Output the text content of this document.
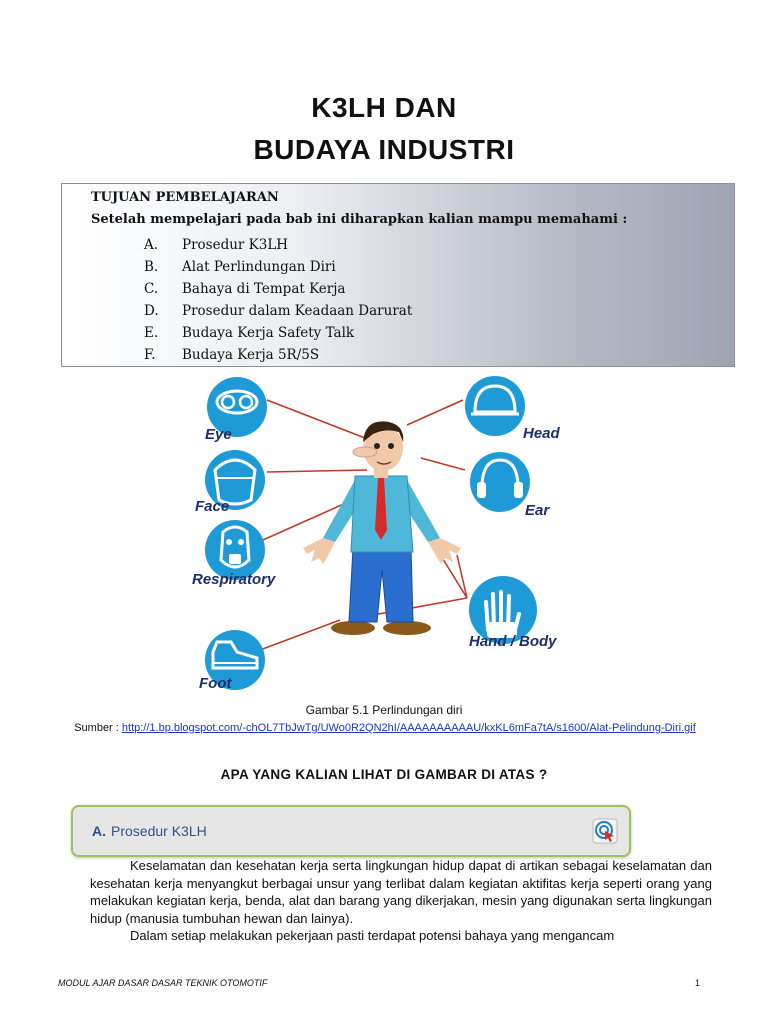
K3LH DAN
BUDAYA INDUSTRI
TUJUAN PEMBELAJARAN
Setelah mempelajari pada bab ini diharapkan kalian mampu memahami :
A. Prosedur K3LH
B. Alat Perlindungan Diri
C. Bahaya di Tempat Kerja
D. Prosedur dalam Keadaan Darurat
E. Budaya Kerja Safety Talk
F. Budaya Kerja 5R/5S
Eye
Face
Respiratory
Foot
Head
Ear
Hand / Body
Gambar 5.1 Perlindungan diri
Sumber : http://1.bp.blogspot.com/-chOL7TbJwTg/UWo0R2QN2hI/AAAAAAAAAAU/kxKL6mFa7tA/s1600/Alat-Pelindung-Diri.gif
APA YANG KALIAN LIHAT DI GAMBAR DI ATAS ?
A. Prosedur K3LH

Keselamatan dan kesehatan kerja serta lingkungan hidup dapat di artikan sebagai keselamatan dan kesehatan kerja menyangkut berbagai unsur yang terlibat dalam kegiatan aktifitas kerja seperti orang yang melakukan kegiatan kerja, benda, alat dan barang yang dikerjakan, mesin yang digunakan serta lingkungan hidup (manusia tumbuhan hewan dan lainya).

Dalam setiap melakukan pekerjaan pasti terdapat potensi bahaya yang mengancam

MODUL AJAR DASAR DASAR TEKNIK OTOMOTIF	1
